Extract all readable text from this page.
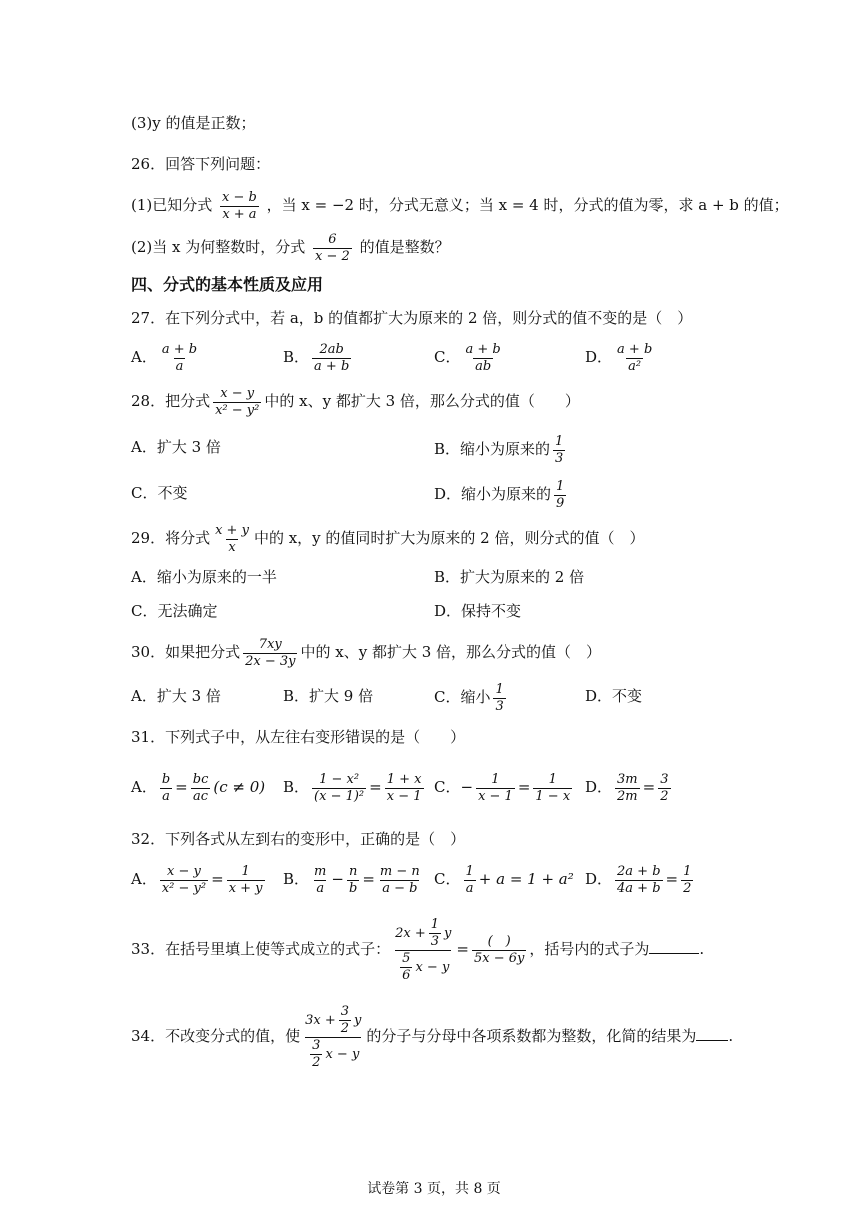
(3)y 的值是正数；
26．回答下列问题：
(1)已知分式 $\frac{x - b}{x + a}$ ，当 x = −2 时，分式无意义；当 x = 4 时，分式的值为零，求 a + b 的值；
(2)当 x 为何整数时，分式 $\frac{6}{x - 2}$ 的值是整数？
四、分式的基本性质及应用
27．在下列分式中，若 a，b 的值都扩大为原来的 2 倍，则分式的值不变的是（　）
A． $\frac{a + b}{a}$	B． $\frac{2ab}{a + b}$	C． $\frac{a + b}{ab}$	D． $\frac{a + b}{\text{a²}}$
28．把分式 $\frac{x - y}{\text{x² − y²}}$ 中的 x、y 都扩大 3 倍，那么分式的值（　　）
A．扩大 3 倍	B．缩小为原来的 $\frac{1}{3}$
C．不变	D．缩小为原来的 $\frac{1}{9}$
29．将分式 $\frac{x + y}{x}$ 中的 x，y 的值同时扩大为原来的 2 倍，则分式的值（　）
A．缩小为原来的一半	B．扩大为原来的 2 倍
C．无法确定	D．保持不变
30．如果把分式 $\frac{7xy}{2x - 3y}$ 中的 x、y 都扩大 3 倍，那么分式的值（　）
A．扩大 3 倍	B．扩大 9 倍	C．缩小 $\frac{1}{3}$	D．不变
31．下列式子中，从左往右变形错误的是（　　）
A． $\frac{b}{a} = \frac{bc}{ac} (c \ne 0)$ B． $\frac{\text{1 − x²}}{\text{(x − 1)²}} = \frac{1 + x}{x - 1}$ C．− $\frac{1}{x - 1} = \frac{1}{1 - x}$ D． $\frac{3m}{2m} = \frac{3}{2}$
32．下列各式从左到右的变形中，正确的是（　）
A． $\frac{x - y}{\text{x² − y²}} = \frac{1}{x + y}$ B． $\frac{m}{a} - \frac{n}{b} = \frac{m - n}{a - b}$ C． $\frac{1}{a} + a = 1 + a^2$ D． $\frac{2a + b}{4a + b} = \frac{1}{2}$
33．在括号里填上使等式成立的式子： $\frac{2x + \frac{1}{3} y}{\frac{5}{6} x - y} = \frac{( )}{5x - 6y}$ ，括号内的式子为	.
34．不改变分式的值，使 $\frac{3x + \frac{3}{2} y}{\frac{3}{2} x - y}$ 的分子与分母中各项系数都为整数，化简的结果为 .
试卷第 3 页，共 8 页
